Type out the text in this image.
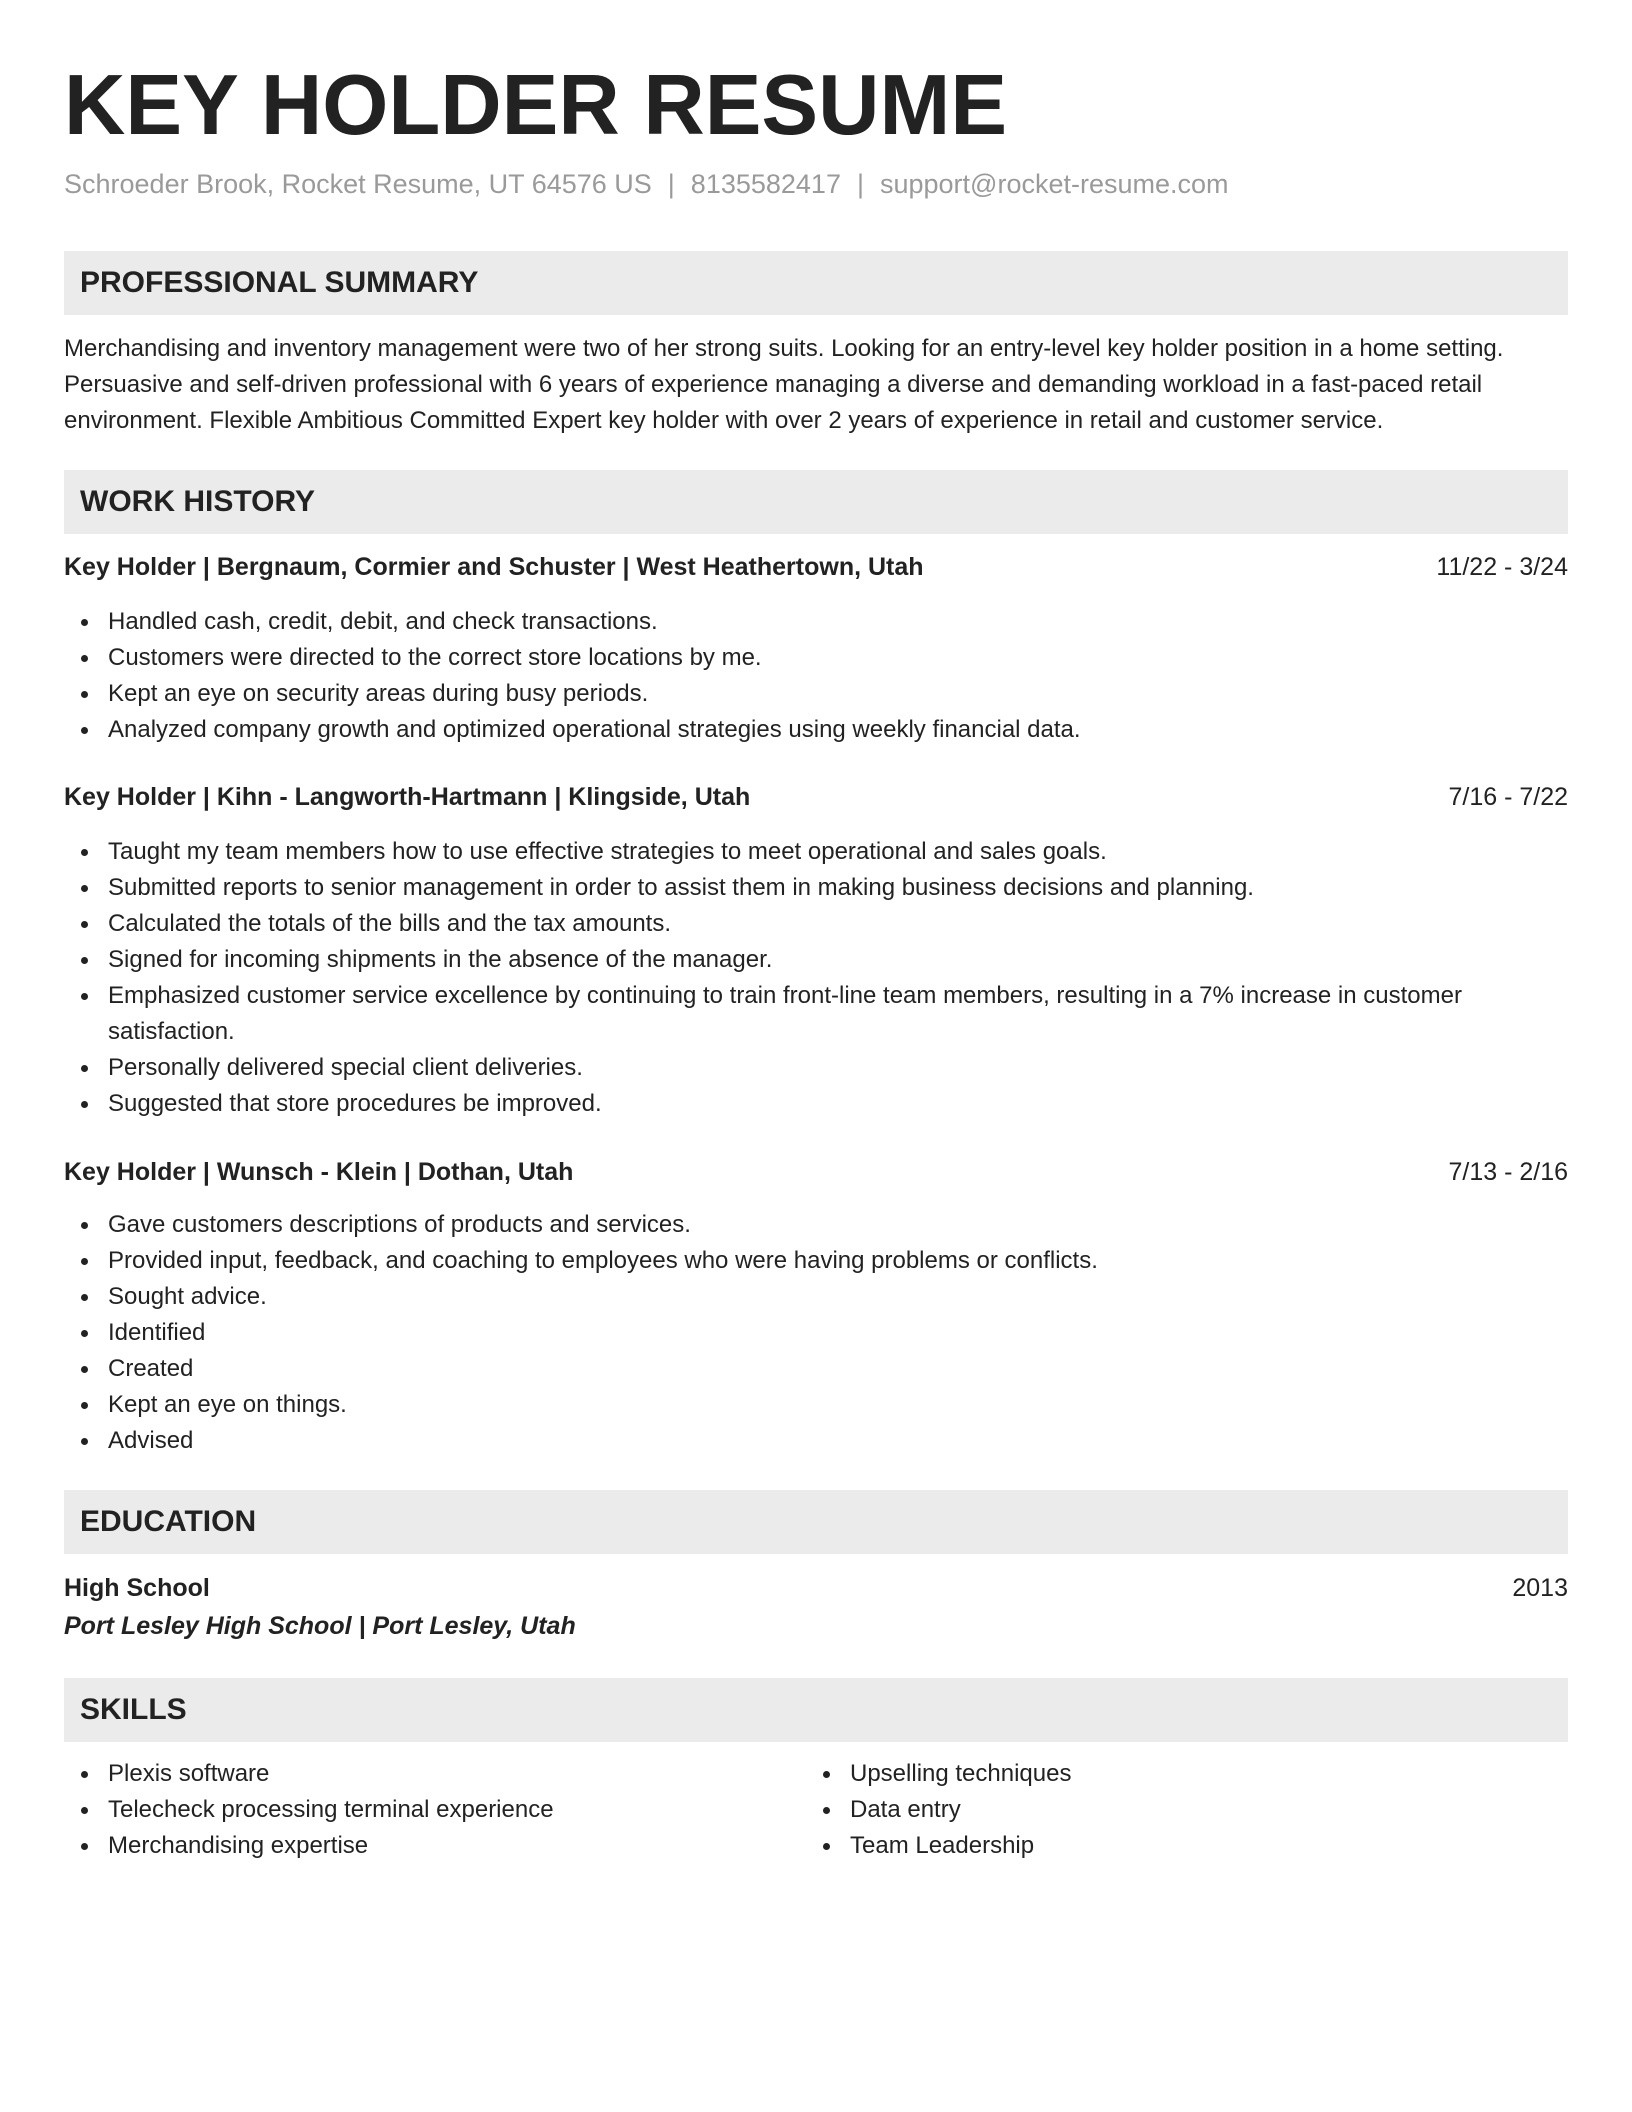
KEY HOLDER RESUME
Schroeder Brook, Rocket Resume, UT 64576 US | 8135582417 | support@rocket-resume.com
PROFESSIONAL SUMMARY

Merchandising and inventory management were two of her strong suits. Looking for an entry-level key holder position in a home setting. Persuasive and self-driven professional with 6 years of experience managing a diverse and demanding workload in a fast-paced retail environment. Flexible Ambitious Committed Expert key holder with over 2 years of experience in retail and customer service.

WORK HISTORY
Key Holder | Bergnaum, Cormier and Schuster | West Heathertown, Utah	11/22 - 3/24
Handled cash, credit, debit, and check transactions.
Customers were directed to the correct store locations by me.
Kept an eye on security areas during busy periods.
Analyzed company growth and optimized operational strategies using weekly financial data.
Key Holder | Kihn - Langworth-Hartmann | Klingside, Utah	7/16 - 7/22
Taught my team members how to use effective strategies to meet operational and sales goals.
Submitted reports to senior management in order to assist them in making business decisions and planning.
Calculated the totals of the bills and the tax amounts.
Signed for incoming shipments in the absence of the manager.
Emphasized customer service excellence by continuing to train front-line team members, resulting in a 7% increase in customer satisfaction.
Personally delivered special client deliveries.
Suggested that store procedures be improved.
Key Holder | Wunsch - Klein | Dothan, Utah	7/13 - 2/16
Gave customers descriptions of products and services.
Provided input, feedback, and coaching to employees who were having problems or conflicts.
Sought advice.
Identified
Created
Kept an eye on things.
Advised
EDUCATION
High School	2013
Port Lesley High School | Port Lesley, Utah
SKILLS
Plexis software
Telecheck processing terminal experience
Merchandising expertise
Upselling techniques
Data entry
Team Leadership
